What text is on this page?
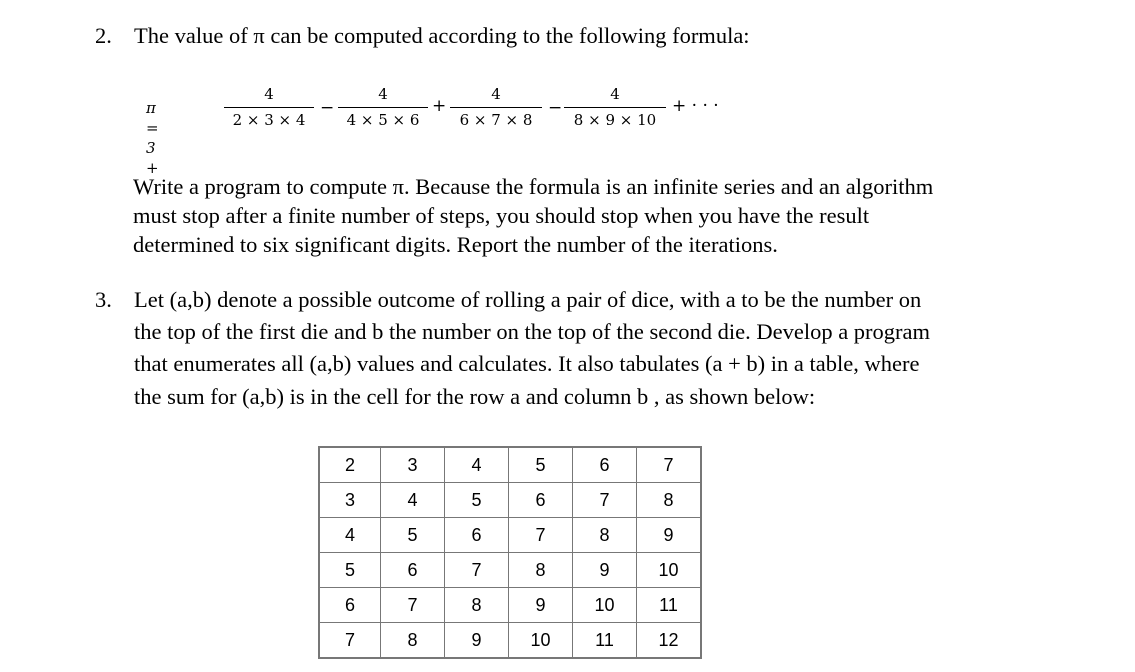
2. The value of π can be computed according to the following formula:
π = 3 +
4
2 × 3 × 4
−
4
4 × 5 × 6
+
4
6 × 7 × 8
−
4
8 × 9 × 10
+ · · ·
Write a program to compute π. Because the formula is an infinite series and an algorithm
must stop after a finite number of steps, you should stop when you have the result
determined to six significant digits. Report the number of the iterations.
3. Let (a,b) denote a possible outcome of rolling a pair of dice, with a to be the number on
the top of the first die and b the number on the top of the second die. Develop a program
that enumerates all (a,b) values and calculates. It also tabulates (a + b) in a table, where
the sum for (a,b) is in the cell for the row a and column b , as shown below:
2	3	4	5	6	7
3	4	5	6	7	8
4	5	6	7	8	9
5	6	7	8	9	10
6	7	8	9	10	11
7	8	9	10	11	12
